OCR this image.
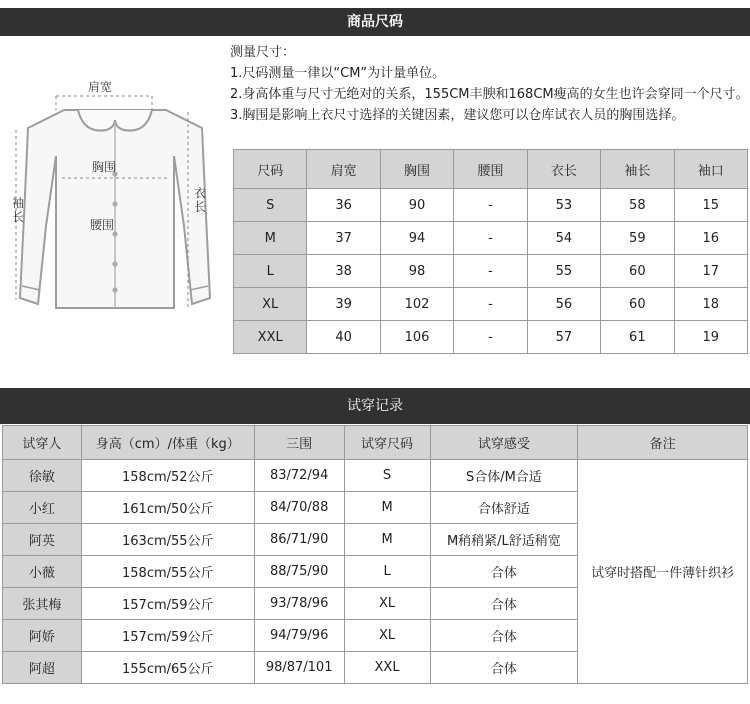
商品尺码
肩宽
胸围
腰围
袖长
衣长
测量尺寸：
1.尺码测量一律以“CM”为计量单位。
2.身高体重与尺寸无绝对的关系，155CM丰腴和168CM瘦高的女生也许会穿同一个尺寸。
3.胸围是影响上衣尺寸选择的关键因素，建议您可以仓库试衣人员的胸围选择。
尺码	肩宽	胸围	腰围	衣长	袖长	袖口
S	36	90	-	53	58	15
M	37	94	-	54	59	16
L	38	98	-	55	60	17
XL	39	102	-	56	60	18
XXL	40	106	-	57	61	19
试穿记录
试穿人	身高（cm）/体重（kg）	三围	试穿尺码	试穿感受	备注
徐敏	158cm/52公斤	83/72/94	S	S合体/M合适	试穿时搭配一件薄针织衫
小红	161cm/50公斤	84/70/88	M	合体舒适	
阿英	163cm/55公斤	86/71/90	M	M稍稍紧/L舒适稍宽	
小薇	158cm/55公斤	88/75/90	L	合体	
张其梅	157cm/59公斤	93/78/96	XL	合体	
阿娇	157cm/59公斤	94/79/96	XL	合体	
阿超	155cm/65公斤	98/87/101	XXL	合体	
